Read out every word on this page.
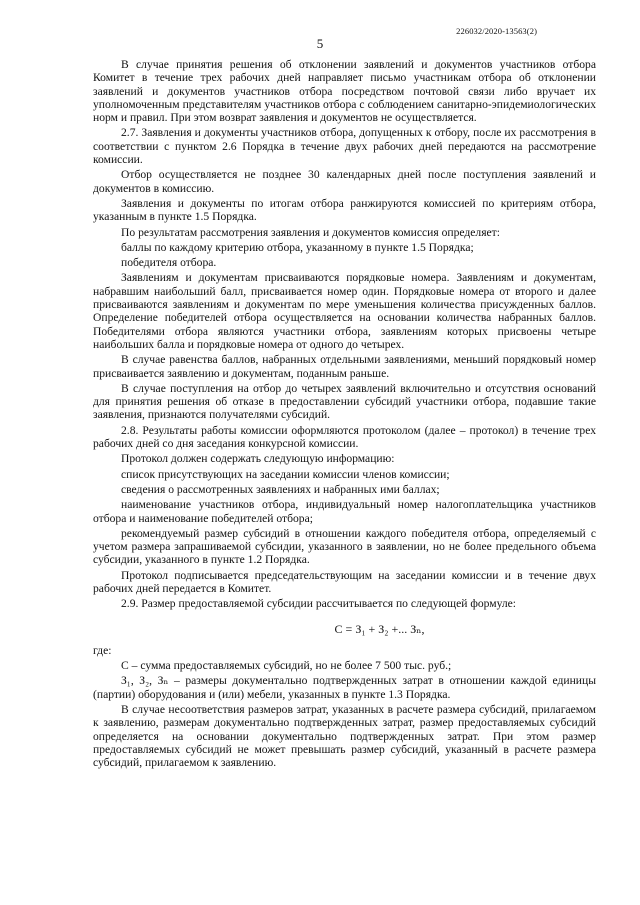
226032/2020-13563(2)
5

В случае принятия решения об отклонении заявлений и документов участников отбора Комитет в течение трех рабочих дней направляет письмо участникам отбора об отклонении заявлений и документов участников отбора посредством почтовой связи либо вручает их уполномоченным представителям участников отбора с соблюдением санитарно-эпидемиологических норм и правил. При этом возврат заявления и документов не осуществляется.

2.7. Заявления и документы участников отбора, допущенных к отбору, после их рассмотрения в соответствии с пунктом 2.6 Порядка в течение двух рабочих дней передаются на рассмотрение комиссии.

Отбор осуществляется не позднее 30 календарных дней после поступления заявлений и документов в комиссию.

Заявления и документы по итогам отбора ранжируются комиссией по критериям отбора, указанным в пункте 1.5 Порядка.

По результатам рассмотрения заявления и документов комиссия определяет:

баллы по каждому критерию отбора, указанному в пункте 1.5 Порядка;

победителя отбора.

Заявлениям и документам присваиваются порядковые номера. Заявлениям и документам, набравшим наибольший балл, присваивается номер один. Порядковые номера от второго и далее присваиваются заявлениям и документам по мере уменьшения количества присужденных баллов. Определение победителей отбора осуществляется на основании количества набранных баллов. Победителями отбора являются участники отбора, заявлениям которых присвоены четыре наибольших балла и порядковые номера от одного до четырех.

В случае равенства баллов, набранных отдельными заявлениями, меньший порядковый номер присваивается заявлению и документам, поданным раньше.

В случае поступления на отбор до четырех заявлений включительно и отсутствия оснований для принятия решения об отказе в предоставлении субсидий участники отбора, подавшие такие заявления, признаются получателями субсидий.

2.8. Результаты работы комиссии оформляются протоколом (далее – протокол) в течение трех рабочих дней со дня заседания конкурсной комиссии.

Протокол должен содержать следующую информацию:

список присутствующих на заседании комиссии членов комиссии;

сведения о рассмотренных заявлениях и набранных ими баллах;

наименование участников отбора, индивидуальный номер налогоплательщика участников отбора и наименование победителей отбора;

рекомендуемый размер субсидий в отношении каждого победителя отбора, определяемый с учетом размера запрашиваемой субсидии, указанного в заявлении, но не более предельного объема субсидии, указанного в пункте 1.2 Порядка.

Протокол подписывается председательствующим на заседании комиссии и в течение двух рабочих дней передается в Комитет.

2.9. Размер предоставляемой субсидии рассчитывается по следующей формуле:

С = З₁ + З₂ +... Зₙ,

где:

С – сумма предоставляемых субсидий, но не более 7 500 тыс. руб.;

З₁, З₂, Зₙ – размеры документально подтвержденных затрат в отношении каждой единицы (партии) оборудования и (или) мебели, указанных в пункте 1.3 Порядка.

В случае несоответствия размеров затрат, указанных в расчете размера субсидий, прилагаемом к заявлению, размерам документально подтвержденных затрат, размер предоставляемых субсидий определяется на основании документально подтвержденных затрат. При этом размер предоставляемых субсидий не может превышать размер субсидий, указанный в расчете размера субсидий, прилагаемом к заявлению.
